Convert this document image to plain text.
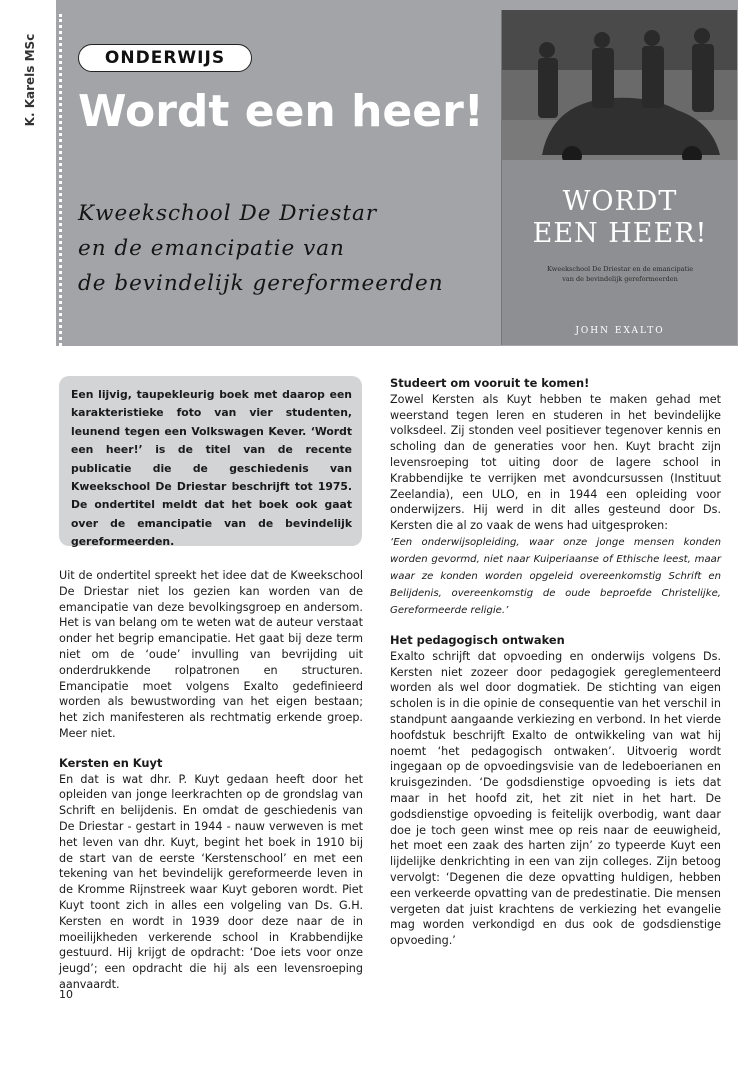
K. Karels MSc	ONDERWIJS
Wordt een heer!
Kweekschool De Driestar
en de emancipatie van
de bevindelijk gereformeerden
WORDT
EEN HEER!
Kweekschool De Driestar en de emancipatie
van de bevindelijk gereformeerden
JOHN EXALTO

Een lijvig, taupekleurig boek met daarop een karakteristieke foto van vier studenten, leunend tegen een Volkswagen Kever. ‘Wordt een heer!’ is de titel van de recente publicatie die de geschiedenis van Kweekschool De Driestar beschrijft tot 1975. De ondertitel meldt dat het boek ook gaat over de emancipatie van de bevindelijk gereformeerden.

Uit de ondertitel spreekt het idee dat de Kweekschool De Driestar niet los gezien kan worden van de emancipatie van deze bevolkingsgroep en andersom. Het is van belang om te weten wat de auteur verstaat onder het begrip emancipatie. Het gaat bij deze term niet om de ‘oude’ invulling van bevrijding uit onderdrukkende rolpatronen en structuren. Emancipatie moet volgens Exalto gedefinieerd worden als bewustwording van het eigen bestaan; het zich manifesteren als rechtmatig erkende groep. Meer niet.

Kersten en Kuyt

En dat is wat dhr. P. Kuyt gedaan heeft door het opleiden van jonge leerkrachten op de grondslag van Schrift en belijdenis. En omdat de geschiedenis van De Driestar - gestart in 1944 - nauw verweven is met het leven van dhr. Kuyt, begint het boek in 1910 bij de start van de eerste ‘Kerstenschool’ en met een tekening van het bevindelijk gereformeerde leven in de Kromme Rijnstreek waar Kuyt geboren wordt. Piet Kuyt toont zich in alles een volgeling van Ds. G.H. Kersten en wordt in 1939 door deze naar de in moeilijkheden verkerende school in Krabbendijke gestuurd. Hij krijgt de opdracht: ‘Doe iets voor onze jeugd’; een opdracht die hij als een levensroeping aanvaardt.

Studeert om vooruit te komen!

Zowel Kersten als Kuyt hebben te maken gehad met weerstand tegen leren en studeren in het bevindelijke volksdeel. Zij stonden veel positiever tegenover kennis en scholing dan de generaties voor hen. Kuyt bracht zijn levensroeping tot uiting door de lagere school in Krabbendijke te verrijken met avondcursussen (Instituut Zeelandia), een ULO, en in 1944 een opleiding voor onderwijzers. Hij werd in dit alles gesteund door Ds. Kersten die al zo vaak de wens had uitgesproken:

‘Een onderwijsopleiding, waar onze jonge mensen konden worden gevormd, niet naar Kuiperiaanse of Ethische leest, maar waar ze konden worden opgeleid overeenkomstig Schrift en Belijdenis, overeenkomstig de oude beproefde Christelijke, Gereformeerde religie.’

Het pedagogisch ontwaken

Exalto schrijft dat opvoeding en onderwijs volgens Ds. Kersten niet zozeer door pedagogiek gereglementeerd worden als wel door dogmatiek. De stichting van eigen scholen is in die opinie de consequentie van het verschil in standpunt aangaande verkiezing en verbond. In het vierde hoofdstuk beschrijft Exalto de ontwikkeling van wat hij noemt ‘het pedagogisch ontwaken’. Uitvoerig wordt ingegaan op de opvoedingsvisie van de ledeboerianen en kruisgezinden. ‘De godsdienstige opvoeding is iets dat maar in het hoofd zit, het zit niet in het hart. De godsdienstige opvoeding is feitelijk overbodig, want daar doe je toch geen winst mee op reis naar de eeuwigheid, het moet een zaak des harten zijn’ zo typeerde Kuyt een lijdelijke denkrichting in een van zijn colleges. Zijn betoog vervolgt: ‘Degenen die deze opvatting huldigen, hebben een verkeerde opvatting van de predestinatie. Die mensen vergeten dat juist krachtens de verkiezing het evangelie mag worden verkondigd en dus ook de godsdienstige opvoeding.’

10
